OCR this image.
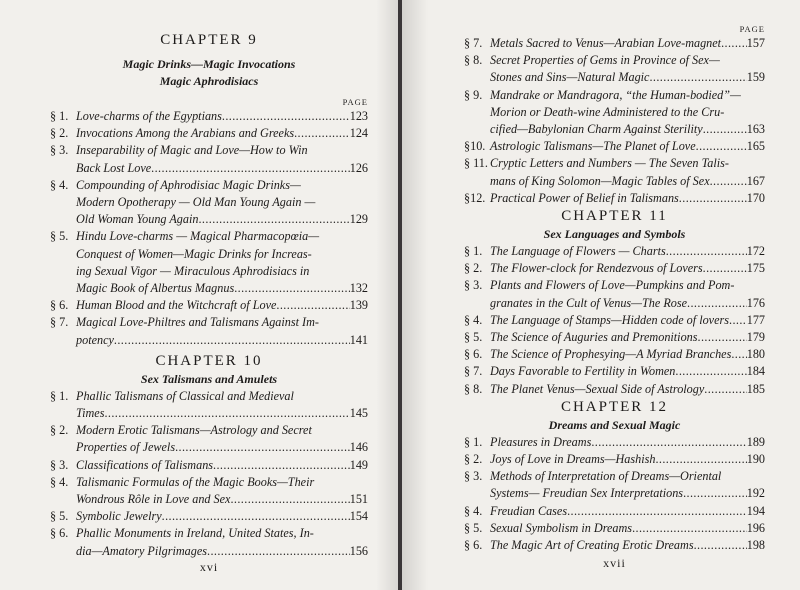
CHAPTER 9
Magic Drinks—Magic Invocations
Magic Aphrodisiacs
PAGE
§ 1. Love-charms of the Egyptians .....	123
§ 2. Invocations Among the Arabians and Greeks .....	124
§ 3. Inseparability of Magic and Love—How to Win
Back Lost Love .....	126
§ 4. Compounding of Aphrodisiac Magic Drinks—
Modern Opotherapy — Old Man Young Again —
Old Woman Young Again .....	129
§ 5. Hindu Love-charms — Magical Pharmacopœia—
Conquest of Women—Magic Drinks for Increas-
ing Sexual Vigor — Miraculous Aphrodisiacs in
Magic Book of Albertus Magnus .....	132
§ 6. Human Blood and the Witchcraft of Love .....	139
§ 7. Magical Love-Philtres and Talismans Against Im-
potency .....	141
CHAPTER 10
Sex Talismans and Amulets
§ 1. Phallic Talismans of Classical and Medieval
Times .....	145
§ 2. Modern Erotic Talismans—Astrology and Secret
Properties of Jewels .....	146
§ 3. Classifications of Talismans .....	149
§ 4. Talismanic Formulas of the Magic Books—Their
Wondrous Rôle in Love and Sex .....	151
§ 5. Symbolic Jewelry .....	154
§ 6. Phallic Monuments in Ireland, United States, In-
dia—Amatory Pilgrimages .....	156
xvi
PAGE
§ 7. Metals Sacred to Venus—Arabian Love-magnet ..... 157
§ 8. Secret Properties of Gems in Province of Sex—
Stones and Sins—Natural Magic .....	159
§ 9. Mandrake or Mandragora, “the Human-bodied”—
Morion or Death-wine Administered to the Cru-
cified—Babylonian Charm Against Sterility .....	163
§10. Astrologic Talismans—The Planet of Love .....	165
§ 11. Cryptic Letters and Numbers — The Seven Talis-
mans of King Solomon—Magic Tables of Sex .....	167
§12. Practical Power of Belief in Talismans .....	170
CHAPTER 11
Sex Languages and Symbols
§ 1. The Language of Flowers — Charts .....	172
§ 2. The Flower-clock for Rendezvous of Lovers .....	175
§ 3. Plants and Flowers of Love—Pumpkins and Pom-
granates in the Cult of Venus—The Rose .....	176
§ 4. The Language of Stamps—Hidden code of lovers ..... 177
§ 5. The Science of Auguries and Premonitions .....	179
§ 6. The Science of Prophesying—A Myriad Branches ..... 180
§ 7. Days Favorable to Fertility in Women .....	184
§ 8. The Planet Venus—Sexual Side of Astrology .....	185
CHAPTER 12
Dreams and Sexual Magic
§ 1. Pleasures in Dreams .....	189
§ 2. Joys of Love in Dreams—Hashish .....	190
§ 3. Methods of Interpretation of Dreams—Oriental
Systems— Freudian Sex Interpretations .....	192
§ 4. Freudian Cases .....	194
§ 5. Sexual Symbolism in Dreams .....	196
§ 6. The Magic Art of Creating Erotic Dreams .....	198
xvii
